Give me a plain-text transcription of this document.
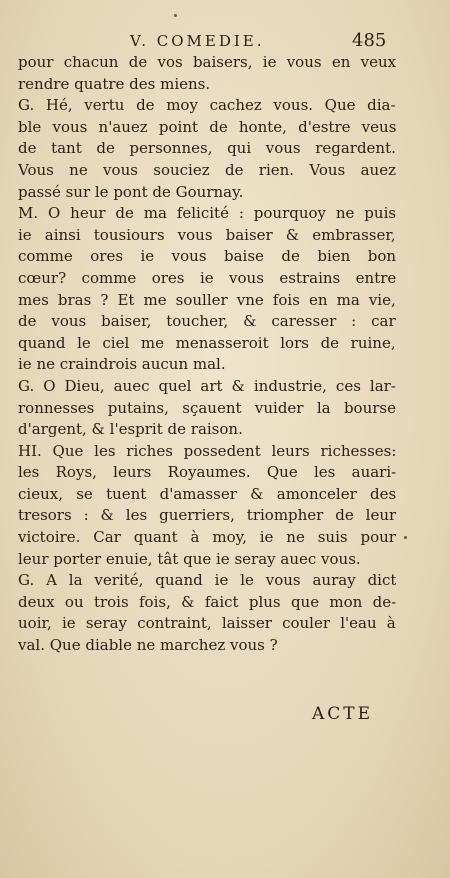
V. COMEDIE.	485
pour chacun de vos baisers, ie vous en veux
rendre quatre des miens.
G. Hé, vertu de moy cachez vous. Que dia-
ble vous n'auez point de honte, d'estre veus
de tant de personnes, qui vous regardent.
Vous ne vous souciez de rien. Vous auez
passé sur le pont de Gournay.
M. O heur de ma felicité : pourquoy ne puis
ie ainsi tousiours vous baiser & embrasser,
comme ores ie vous baise de bien bon
cœur? comme ores ie vous estrains entre
mes bras ? Et me souller vne fois en ma vie,
de vous baiser, toucher, & caresser : car
quand le ciel me menasseroit lors de ruine,
ie ne craindrois aucun mal.
G. O Dieu, auec quel art & industrie, ces lar-
ronnesses putains, sçauent vuider la bourse
d'argent, & l'esprit de raison.
HI. Que les riches possedent leurs richesses:
les Roys, leurs Royaumes. Que les auari-
cieux, se tuent d'amasser & amonceler des
tresors : & les guerriers, triompher de leur
victoire. Car quant à moy, ie ne suis pour
leur porter enuie, tât que ie seray auec vous.
G. A la verité, quand ie le vous auray dict
deux ou trois fois, & faict plus que mon de-
uoir, ie seray contraint, laisser couler l'eau à
val. Que diable ne marchez vous ?
ACTE
